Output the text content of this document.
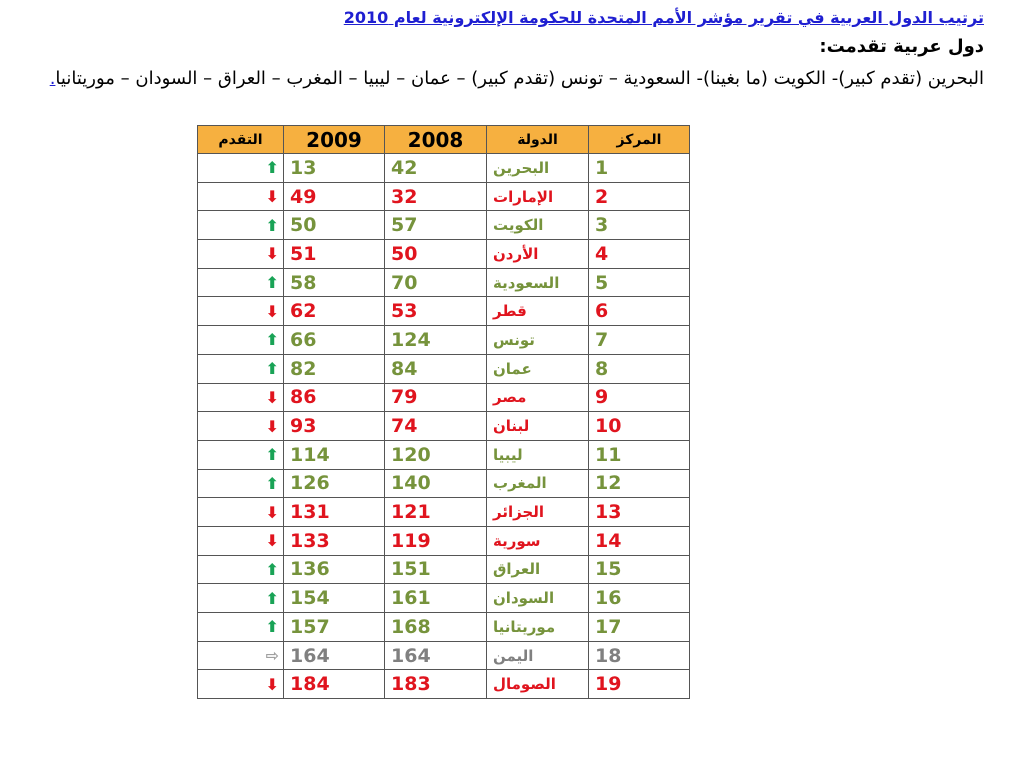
ترتيب الدول العربية في تقرير مؤشر الأمم المتحدة للحكومة الإلكترونية لعام 2010
دول عربية تقدمت:
البحرين (تقدم كبير)- الكويت (ما بغينا)- السعودية – تونس (تقدم كبير) – عمان – ليبيا – المغرب – العراق – السودان – موريتانيا.
المركز	الدولة	2008	2009	التقدم
1	البحرين	42	13	⬆
2	الإمارات	32	49	⬇
3	الكويت	57	50	⬆
4	الأردن	50	51	⬇
5	السعودية	70	58	⬆
6	قطر	53	62	⬇
7	تونس	124	66	⬆
8	عمان	84	82	⬆
9	مصر	79	86	⬇
10	لبنان	74	93	⬇
11	ليبيا	120	114	⬆
12	المغرب	140	126	⬆
13	الجزائر	121	131	⬇
14	سورية	119	133	⬇
15	العراق	151	136	⬆
16	السودان	161	154	⬆
17	موريتانيا	168	157	⬆
18	اليمن	164	164	⇨
19	الصومال	183	184	⬇
